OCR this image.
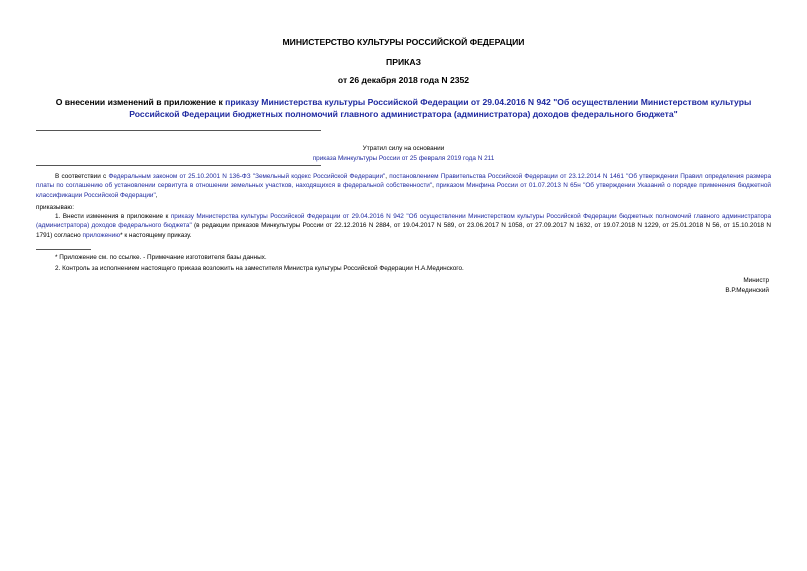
МИНИСТЕРСТВО КУЛЬТУРЫ РОССИЙСКОЙ ФЕДЕРАЦИИ
ПРИКАЗ
от 26 декабря 2018 года N 2352
О внесении изменений в приложение к приказу Министерства культуры Российской Федерации от 29.04.2016 N 942 "Об осуществлении Министерством культуры Российской Федерации бюджетных полномочий главного администратора (администратора) доходов федерального бюджета"
Утратил силу на основании
приказа Минкультуры России от 25 февраля 2019 года N 211
В соответствии с Федеральным законом от 25.10.2001 N 136-ФЗ "Земельный кодекс Российской Федерации", постановлением Правительства Российской Федерации от 23.12.2014 N 1461 "Об утверждении Правил определения размера платы по соглашению об установлении сервитута в отношении земельных участков, находящихся в федеральной собственности", приказом Минфина России от 01.07.2013 N 65н "Об утверждении Указаний о порядке применения бюджетной классификации Российской Федерации",
приказываю:
1. Внести изменения в приложение к приказу Министерства культуры Российской Федерации от 29.04.2016 N 942 "Об осуществлении Министерством культуры Российской Федерации бюджетных полномочий главного администратора (администратора) доходов федерального бюджета" (в редакции приказов Минкультуры России от 22.12.2016 N 2884, от 19.04.2017 N 589, от 23.06.2017 N 1058, от 27.09.2017 N 1632, от 19.07.2018 N 1229, от 25.01.2018 N 56, от 15.10.2018 N 1791) согласно приложению* к настоящему приказу.
* Приложение см. по ссылке. - Примечание изготовителя базы данных.
2. Контроль за исполнением настоящего приказа возложить на заместителя Министра культуры Российской Федерации Н.А.Мединского.
Министр
В.Р.Мединский
